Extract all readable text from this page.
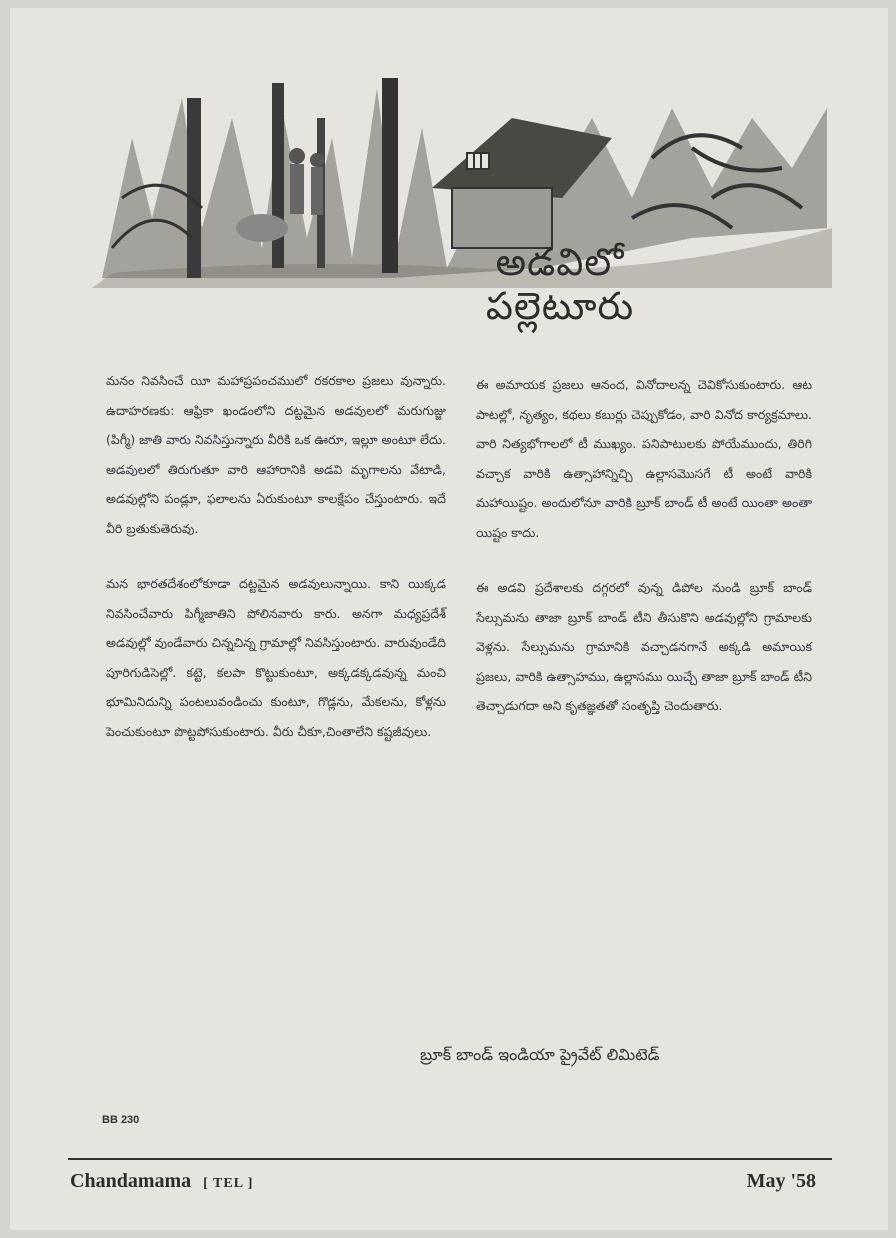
అడవిలో
పల్లెటూరు

మనం నివసించే యీ మహాప్రపంచములో రకరకాల ప్రజలు వున్నారు. ఉదాహరణకు: ఆఫ్రికా ఖండంలోని దట్టమైన అడవులలో మరుగుజ్జు (పిగ్మీ) జాతి వారు నివసిస్తున్నారు వీరికి ఒక ఊరూ, ఇల్లూ అంటూ లేదు. అడవులలో తిరుగుతూ వారి ఆహారానికి అడవి మృగాలను వేటాడి, అడవుల్లోని పండ్లూ, ఫలాలను ఏరుకుంటూ కాలక్షేపం చేస్తుంటారు. ఇదే వీరి బ్రతుకుతెరువు.

మన భారతదేశంలోకూడా దట్టమైన అడవులున్నాయి. కాని యిక్కడ నివసించేవారు పిగ్మీజాతిని పోలినవారు కారు. అనగా మధ్యప్రదేశ్ అడవుల్లో వుండేవారు చిన్నచిన్న గ్రామాల్లో నివసిస్తుంటారు. వారువుండేది పూరిగుడిసెల్లో. కట్టె, కలపా కొట్టుకుంటూ, అక్కడక్కడవున్న మంచి భూమినిదున్ని పంటలువండించు కుంటూ, గొడ్లను, మేకలను, కోళ్లను పెంచుకుంటూ పొట్టపోసుకుంటారు. వీరు చీకూ,చింతాలేని కష్టజీవులు.

ఈ అమాయక ప్రజలు ఆనంద, వినోదాలన్న చెవికోసుకుంటారు. ఆట పాటల్లో, నృత్యం, కథలు కబుర్లు చెప్పుకోడం, వారి వినోద కార్యక్రమాలు. వారి నిత్యభోగాలలో టీ ముఖ్యం. పనిపాటులకు పోయేముందు, తిరిగి వచ్చాక వారికి ఉత్సాహాన్నిచ్చి ఉల్లాసమొసగే టీ అంటే వారికి మహాయిష్టం. అందులోనూ వారికి బ్రూక్ బాండ్ టీ అంటే యింతా అంతా యిష్టం కాదు.

ఈ అడవి ప్రదేశాలకు దగ్గరలో వున్న డిపోల నుండి బ్రూక్ బాండ్ సేల్సుమను తాజా బ్రూక్ బాండ్ టీని తీసుకొని అడవుల్లోని గ్రామాలకు వెళ్లను. సేల్సుమను గ్రామానికి వచ్చాడనగానే అక్కడి అమాయిక ప్రజలు, వారికి ఉత్సాహము, ఉల్లాసము యిచ్చే తాజా బ్రూక్ బాండ్ టీని తెచ్చాడుగదా అని కృతజ్ఞతతో సంతృప్తి చెందుతారు.

బ్రూక్ బాండ్ ఇండియా ప్రైవేట్ లిమిటెడ్
BB 230
Chandamama [ TEL ]	May '58
